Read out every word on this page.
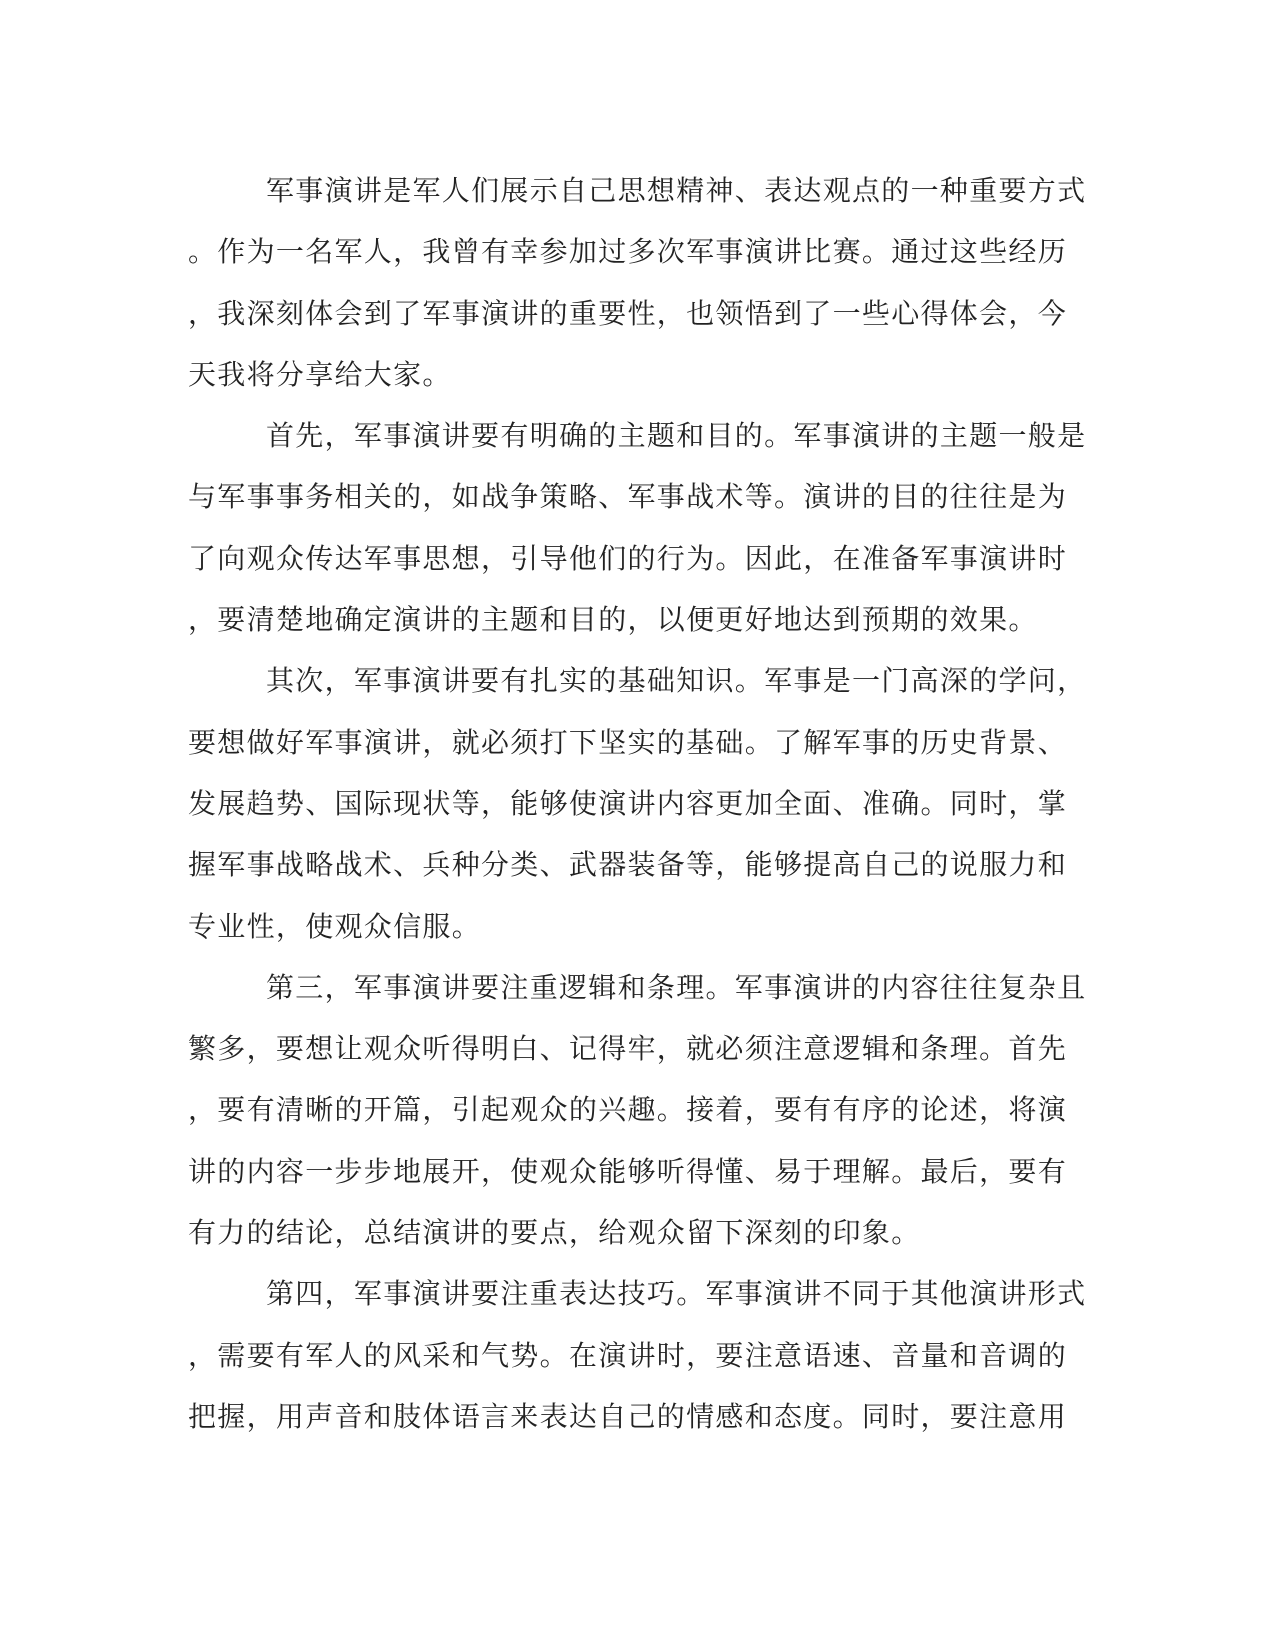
军事演讲是军人们展示自己思想精神、表达观点的一种重要方式
。作为一名军人，我曾有幸参加过多次军事演讲比赛。通过这些经历
，我深刻体会到了军事演讲的重要性，也领悟到了一些心得体会，今
天我将分享给大家。
首先，军事演讲要有明确的主题和目的。军事演讲的主题一般是
与军事事务相关的，如战争策略、军事战术等。演讲的目的往往是为
了向观众传达军事思想，引导他们的行为。因此，在准备军事演讲时
，要清楚地确定演讲的主题和目的，以便更好地达到预期的效果。
其次，军事演讲要有扎实的基础知识。军事是一门高深的学问，
要想做好军事演讲，就必须打下坚实的基础。了解军事的历史背景、
发展趋势、国际现状等，能够使演讲内容更加全面、准确。同时，掌
握军事战略战术、兵种分类、武器装备等，能够提高自己的说服力和
专业性，使观众信服。
第三，军事演讲要注重逻辑和条理。军事演讲的内容往往复杂且
繁多，要想让观众听得明白、记得牢，就必须注意逻辑和条理。首先
，要有清晰的开篇，引起观众的兴趣。接着，要有有序的论述，将演
讲的内容一步步地展开，使观众能够听得懂、易于理解。最后，要有
有力的结论，总结演讲的要点，给观众留下深刻的印象。
第四，军事演讲要注重表达技巧。军事演讲不同于其他演讲形式
，需要有军人的风采和气势。在演讲时，要注意语速、音量和音调的
把握，用声音和肢体语言来表达自己的情感和态度。同时，要注意用
